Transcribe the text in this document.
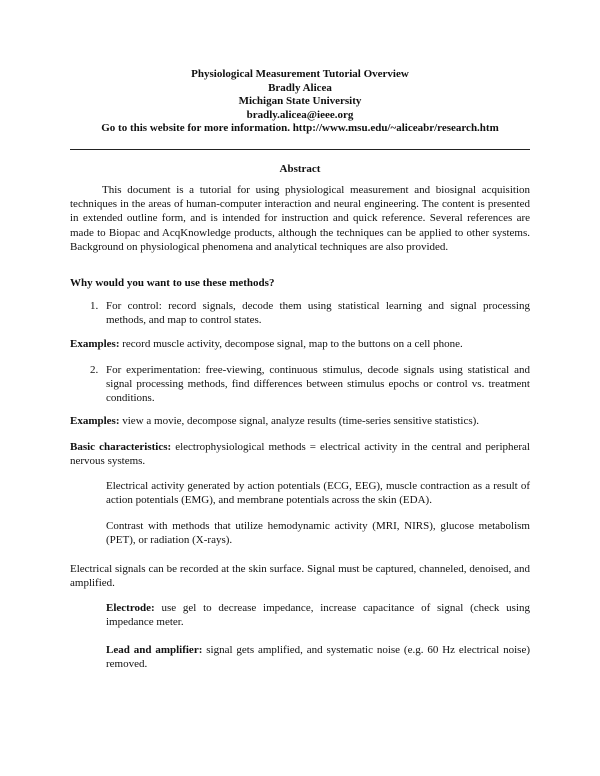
Physiological Measurement Tutorial Overview
Bradly Alicea
Michigan State University
bradly.alicea@ieee.org
Go to this website for more information. http://www.msu.edu/~aliceabr/research.htm
Abstract
This document is a tutorial for using physiological measurement and biosignal acquisition techniques in the areas of human-computer interaction and neural engineering. The content is presented in extended outline form, and is intended for instruction and quick reference. Several references are made to Biopac and AcqKnowledge products, although the techniques can be applied to other systems. Background on physiological phenomena and analytical techniques are also provided.
Why would you want to use these methods?
1. For control: record signals, decode them using statistical learning and signal processing methods, and map to control states.
Examples: record muscle activity, decompose signal, map to the buttons on a cell phone.
2. For experimentation: free-viewing, continuous stimulus, decode signals using statistical and signal processing methods, find differences between stimulus epochs or control vs. treatment conditions.
Examples: view a movie, decompose signal, analyze results (time-series sensitive statistics).
Basic characteristics: electrophysiological methods = electrical activity in the central and peripheral nervous systems.
Electrical activity generated by action potentials (ECG, EEG), muscle contraction as a result of action potentials (EMG), and membrane potentials across the skin (EDA).
Contrast with methods that utilize hemodynamic activity (MRI, NIRS), glucose metabolism (PET), or radiation (X-rays).
Electrical signals can be recorded at the skin surface. Signal must be captured, channeled, denoised, and amplified.
Electrode: use gel to decrease impedance, increase capacitance of signal (check using impedance meter.
Lead and amplifier: signal gets amplified, and systematic noise (e.g. 60 Hz electrical noise) removed.
